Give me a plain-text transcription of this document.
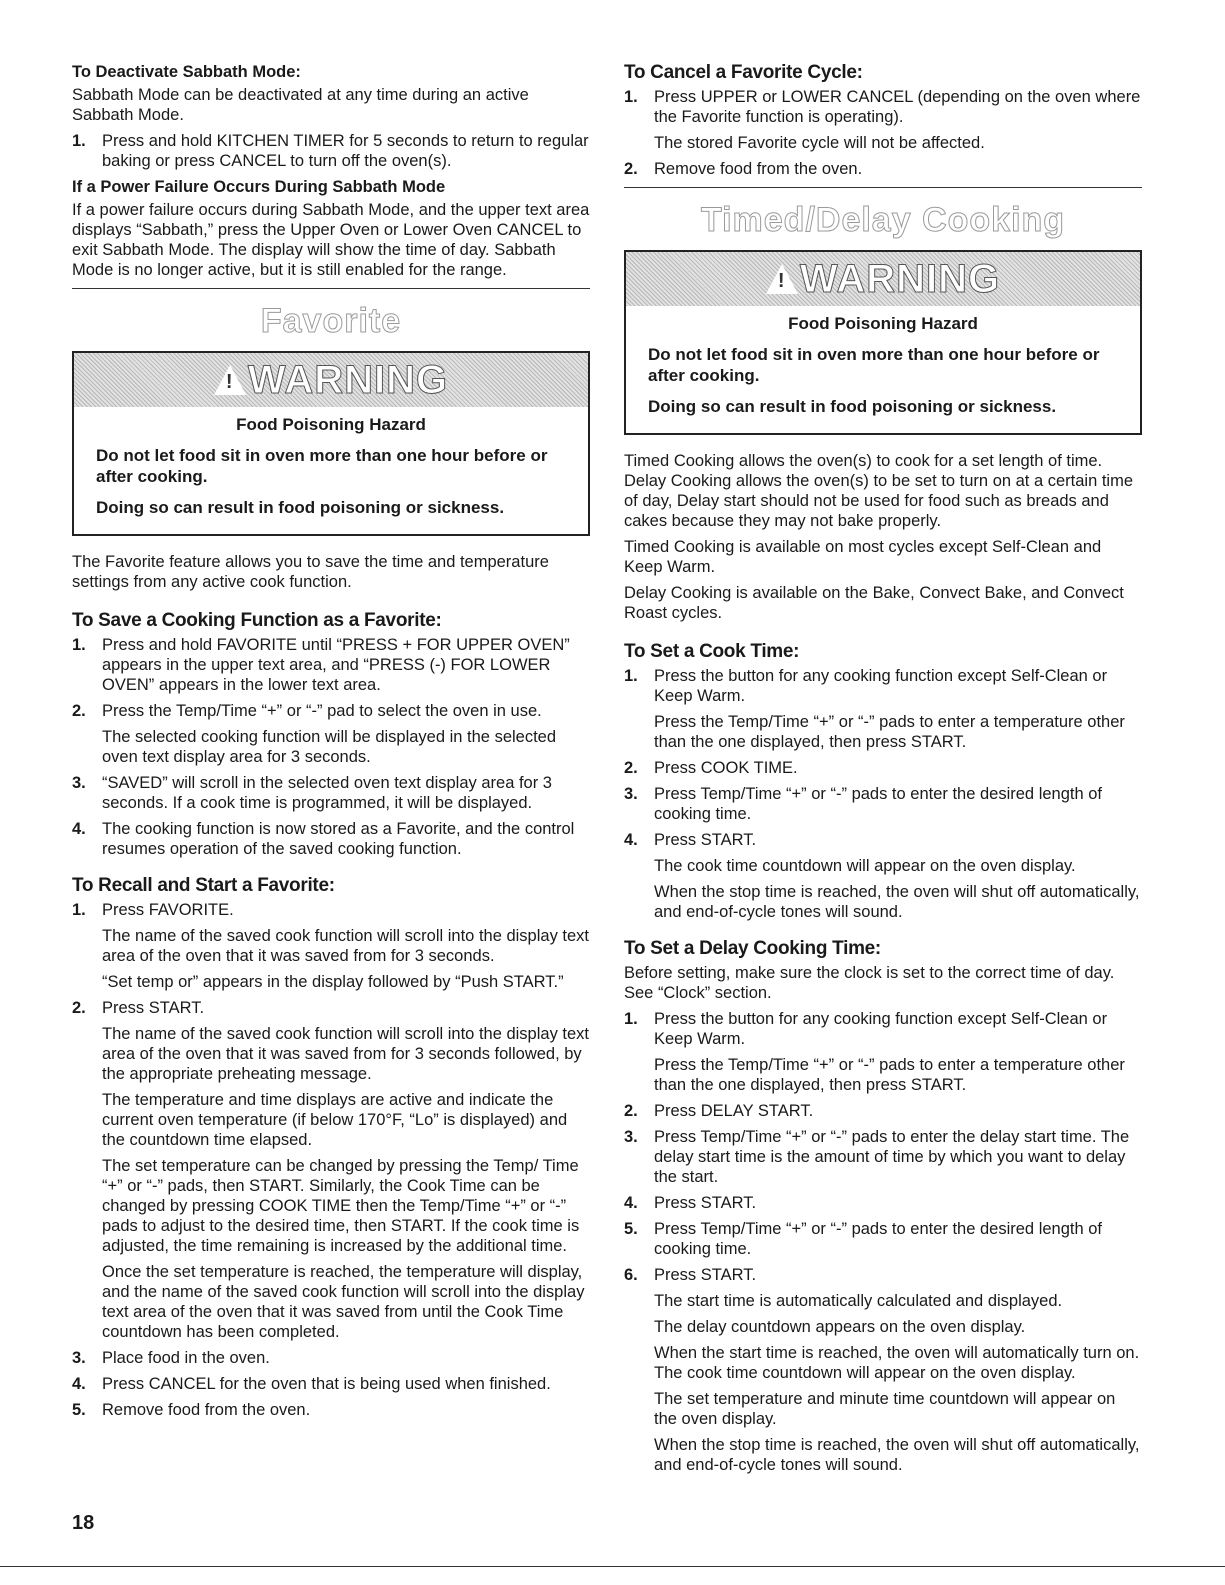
To Deactivate Sabbath Mode:

Sabbath Mode can be deactivated at any time during an active Sabbath Mode.

1. Press and hold KITCHEN TIMER for 5 seconds to return to regular baking or press CANCEL to turn off the oven(s).

If a Power Failure Occurs During Sabbath Mode

If a power failure occurs during Sabbath Mode, and the upper text area displays “Sabbath,” press the Upper Oven or Lower Oven CANCEL to exit Sabbath Mode. The display will show the time of day. Sabbath Mode is no longer active, but it is still enabled for the range.

Favorite
!
WARNING
Food Poisoning Hazard
Do not let food sit in oven more than one hour before or after cooking.
Doing so can result in food poisoning or sickness.

The Favorite feature allows you to save the time and temperature settings from any active cook function.

To Save a Cooking Function as a Favorite:
1. Press and hold FAVORITE until “PRESS + FOR UPPER OVEN” appears in the upper text area, and “PRESS (-) FOR LOWER OVEN” appears in the lower text area.

2. Press the Temp/Time “+” or “-” pad to select the oven in use.

The selected cooking function will be displayed in the selected oven text display area for 3 seconds.

3. “SAVED” will scroll in the selected oven text display area for 3 seconds. If a cook time is programmed, it will be displayed.

4. The cooking function is now stored as a Favorite, and the control resumes operation of the saved cooking function.

To Recall and Start a Favorite:
1. Press FAVORITE.

The name of the saved cook function will scroll into the display text area of the oven that it was saved from for 3 seconds.

“Set temp or” appears in the display followed by “Push START.”

2. Press START.

The name of the saved cook function will scroll into the display text area of the oven that it was saved from for 3 seconds followed, by the appropriate preheating message.

The temperature and time displays are active and indicate the current oven temperature (if below 170°F, “Lo” is displayed) and the countdown time elapsed.

The set temperature can be changed by pressing the Temp/ Time “+” or “-” pads, then START. Similarly, the Cook Time can be changed by pressing COOK TIME then the Temp/Time “+” or “-” pads to adjust to the desired time, then START. If the cook time is adjusted, the time remaining is increased by the additional time.

Once the set temperature is reached, the temperature will display, and the name of the saved cook function will scroll into the display text area of the oven that it was saved from until the Cook Time countdown has been completed.

3. Place food in the oven.

4. Press CANCEL for the oven that is being used when finished.

5. Remove food from the oven.

To Cancel a Favorite Cycle:
1. Press UPPER or LOWER CANCEL (depending on the oven where the Favorite function is operating).

The stored Favorite cycle will not be affected.

2. Remove food from the oven.

Timed/Delay Cooking
!
WARNING
Food Poisoning Hazard
Do not let food sit in oven more than one hour before or after cooking.
Doing so can result in food poisoning or sickness.

Timed Cooking allows the oven(s) to cook for a set length of time. Delay Cooking allows the oven(s) to be set to turn on at a certain time of day, Delay start should not be used for food such as breads and cakes because they may not bake properly.

Timed Cooking is available on most cycles except Self-Clean and Keep Warm.

Delay Cooking is available on the Bake, Convect Bake, and Convect Roast cycles.

To Set a Cook Time:
1. Press the button for any cooking function except Self-Clean or Keep Warm.

Press the Temp/Time “+” or “-” pads to enter a temperature other than the one displayed, then press START.

2. Press COOK TIME.

3. Press Temp/Time “+” or “-” pads to enter the desired length of cooking time.

4. Press START.

The cook time countdown will appear on the oven display.

When the stop time is reached, the oven will shut off automatically, and end-of-cycle tones will sound.

To Set a Delay Cooking Time:

Before setting, make sure the clock is set to the correct time of day. See “Clock” section.

1. Press the button for any cooking function except Self-Clean or Keep Warm.

Press the Temp/Time “+” or “-” pads to enter a temperature other than the one displayed, then press START.

2. Press DELAY START.

3. Press Temp/Time “+” or “-” pads to enter the delay start time. The delay start time is the amount of time by which you want to delay the start.

4. Press START.

5. Press Temp/Time “+” or “-” pads to enter the desired length of cooking time.

6. Press START.

The start time is automatically calculated and displayed.

The delay countdown appears on the oven display.

When the start time is reached, the oven will automatically turn on. The cook time countdown will appear on the oven display.

The set temperature and minute time countdown will appear on the oven display.

When the stop time is reached, the oven will shut off automatically, and end-of-cycle tones will sound.

18
